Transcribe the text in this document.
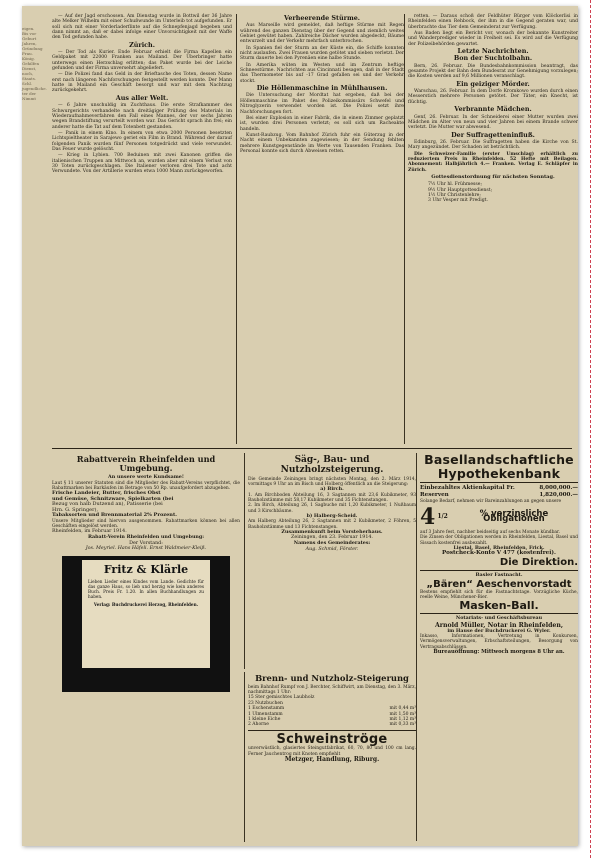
eigen. Bis vor Geburt Jahren, Gründung Frau. König. Gehilfen Dienst, noch, Staats. Schl. jugendliche. ter der Nimmt

— Auf der Jagd erschossen. Am Dienstag wurde in Bottwil der 36 Jahre alte Melker Wilhelm mit einer Schußwunde im Unterleib tot aufgefunden. Er soll sich mit einer Vorderladerflinte auf die Schnepfenjagd begeben und dann nimmt an, daß er dabei infolge einer Unvorsichtigkeit mit der Waffe den Tod gefunden habe.

Zürich.

— Der Tod als Kurier. Ende Februar erhielt die Firma Kapellen ein Geldpaket mit 22000 Franken aus Mailand. Der Überbringer hatte unterwegs einen Herzschlag erlitten; das Paket wurde bei der Leiche gefunden und der Firma unversehrt abgeliefert.

— Die Polizei fand das Geld in der Brieftasche des Toten, dessen Name erst nach längeren Nachforschungen festgestellt werden konnte. Der Mann hatte in Mailand ein Geschäft besorgt und war mit dem Nachtzug zurückgekehrt.

Aus aller Welt.

— 6 Jahre unschuldig im Zuchthaus. Die erste Strafkammer des Schwurgerichts verhandelte nach dreitägiger Prüfung des Materials im Wiederaufnahmeverfahren den Fall eines Mannes, der vor sechs Jahren wegen Brandstiftung verurteilt worden war. Das Gericht sprach ihn frei; ein anderer hatte die Tat auf dem Totenbett gestanden.

— Panik in einem Kino. In einem von etwa 2000 Personen besetzten Lichtspieltheater in Sarajewo geriet ein Film in Brand. Während der darauf folgenden Panik wurden fünf Personen totgedrückt und viele verwundet. Das Feuer wurde gelöscht.

— Krieg in Lybien. 700 Beduinen mit zwei Kanonen griffen die italienischen Truppen am Mittwoch an, wurden aber mit einem Verlust von 30 Toten zurückgeschlagen. Die Italiener verloren drei Tote und acht Verwundete. Von der Artillerie wurden etwa 1000 Mann zurückgeworfen.

Verheerende Stürme.

Aus Marseille wird gemeldet, daß heftige Stürme mit Regen während des ganzen Dienstag über der Gegend und ziemlich weites Gebiet gewütet haben. Zahlreiche Dächer wurden abgedeckt, Bäume entwurzelt und der Verkehr mehrfach unterbrochen.

In Spanien fiel der Sturm an der Küste ein, die Schiffe konnten nicht auslaufen. Zwei Frauen wurden getötet und sieben verletzt. Der Sturm dauerte bei den Pyrenäen eine halbe Stunde.

In Amerika wüten im Westen und im Zentrum heftige Schneestürme. Nachrichten aus Cincinnati besagen, daß in der Stadt das Thermometer bis auf -17 Grad gefallen sei und der Verkehr stockt.

Die Höllenmaschine in Mühlhausen.

Die Untersuchung der Mordtat hat ergeben, daß bei der Höllenmaschine im Paket des Polizeikommissärs Schwefel und Nitroglyzerin verwendet worden ist. Die Polizei setzt ihre Nachforschungen fort.

Bei einer Explosion in einer Fabrik, die in einem Zimmer geplatzt ist, wurden drei Personen verletzt; es soll sich um Racheakte handeln.

Kunst-Raubzug. Vom Bahnhof Zürich fuhr ein Güterzug in der Nacht einem Unbekannten zugewiesen; in der Sendung fehlten mehrere Kunstgegenstände im Werte von Tausenden Franken. Das Personal konnte sich durch Abweisen retten.

retten. — Daraus schoß der Feldhüter Bürger vom Klöckerlisi in Rheinfelden einen Rehbock, der ihm in die Gegend geraten war, und überbrachte das Tier dem Gemeinderat zur Verfügung.

Aus Baden liegt ein Bericht vor, wonach der bekannte Kunstreiter und Wanderprediger wieder in Freiheit sei. Es wird auf die Verfügung der Polizeibehörden gewartet.

Letzte Nachrichten.
Bon der Suchtolbahn.

Bern, 26. Februar. Die Bundesbahnkommission beantragt, das gesamte Projekt der Bahn dem Bundesrat zur Genehmigung vorzulegen; die Kosten werden auf 9,6 Millionen veranschlagt.

Ein geiziger Mörder.

Warschau, 26. Februar. In dem Dorfe Kromkowo wurden durch einen Messerstich mehrere Personen getötet. Der Täter, ein Knecht, ist flüchtig.

Verbrannte Mädchen.

Genf, 26. Februar. In der Schneiderei einer Mutter wurden zwei Mädchen im Alter von neun und vier Jahren bei einem Brande schwer verletzt. Die Mutter war abwesend.

Der Suffragetteninfluß.

Edinburg, 26. Februar. Die Suffragetten haben die Kirche von St. Mary angezündet. Der Schaden ist beträchtlich.

Die Schweizer-Familie (erster Umschlag) erhältlich zu reduziertem Preis in Rheinfelden. 52 Hefte mit Beilagen. Abonnement: Halbjährlich 4.— Franken. Verlag E. Schläpfer in Zürich.

Gottesdienstordnung für nächsten Sonntag.
7½ Uhr hl. Frühmesse;
9½ Uhr Hauptgottesdienst;
1½ Uhr Christenlehre;
3 Uhr Vesper mit Predigt.
Rabattverein Rheinfelden und Umgebung.
An unsere werte Kundsame!
Laut § 11 unserer Statuten sind die Mitglieder des Rabatt-Vereins verpflichtet, die Rabattmarken bei Barkäufen im Betrage von 50 Rp. unaufgefordert abzugeben.
Frische Landeier, Butter, frisches Obst
und Gemüse, Schnitzware, Spielkarten (bei
Bezug von halb Dutzend an), Patisserie (bei
Hrn. G. Springer),
Tabaksorten und Brennmaterial 2% Prozent.
Unsere Mitglieder sind hiervon ausgenommen. Rabattmarken können bei allen Geschäften eingelöst werden.
Rheinfelden, im Februar 1914.
Rabatt-Verein Rheinfelden und Umgebung:
Der Vorstand:
Jos. Meyriel. Hans Häfeli. Ernst Waldmeier-Kleiß.
Fritz & Klärle
Lieben Lieder eines Kindes vom Lande. Gedichte für das ganze Haus, so lieb und herzig wie kein anderes Buch. Preis Fr. 1.20. In allen Buchhandlungen zu haben.
Verlag: Buchdruckerei Herzog, Rheinfelden.
Säg-, Bau- und Nutzholzsteigerung.
Die Gemeinde Zeiningen bringt nächsten Montag, den 2. März 1914, vormittags 9 Uhr an im Bisch und Holberg öffentlich an die Steigerung:
a) Birch.
1. Am Birchboden Abteilung 16, 3 Sagtannen mit 23,6 Kubikmeter, 93 Bauholzstämme mit 58,17 Kubikmeter und 35 Fichtenstangen.
2. Im Birch, Abteilung 26, 1 Sagbuche mit 1,20 Kubikmeter, 1 Nußbaum und 3 Kirschbäume.
b) Halberg-Scheid.
Am Halberg Abteilung 26, 2 Sagtannen mit 2 Kubikmeter, 2 Föhren, 5 Bauholzstämme und 13 Fichtenstangen.
Zusammenkunft beim Vorsteherhaus.
Zeiningen, den 23. Februar 1914.
Namens des Gemeinderates:
Aug. Schmid, Förster.
Brenn- und Nutzholz-Steigerung
beim Bahnhof Rumpf von J. Berchter, Schiffwirt, am Dienstag, den 3. März, nachmittags 1 Uhr:
15 Ster gemischtes Laubholz
23 Nutzbuchen
1 Eschenstamm	mit 0,44 m³
1 Ulmenstamm	mit 1,50 m³
1 kleine Eiche	mit 1,12 m³
2 Ahorne	mit 0,33 m³
Schweinströge
unverwüstlich, glasiertes Steingutfabrikat, 60, 70, 80 und 100 cm lang. Ferner Jauchentrog mit Knoten empfiehlt
Metzger, Handlung, Riburg.
Basellandschaftliche Hypothekenbank
Einbezahltes Aktienkapital Fr.	8,000,000.—
Reserven	1,820,000.—
Solange Bedarf, nehmen wir Bareinzahlungen an gegen unsere
4 1/2	% verzinsliche Obligationen
auf 3 Jahre fest, nachher beidseitig auf sechs Monate kündbar.
Die Zinsen der Obligationen werden in Rheinfelden, Liestal, Basel und Sissach kostenfrei ausbezahlt.
Liestal, Basel, Rheinfelden, Frick.
Postcheck-Konto V 477 (kostenfrei).
Die Direktion.
Basler Fastnacht.
„Bären“ Aeschenvorstadt
Bestens empfiehlt sich für die Fastnachtstage. Vorzügliche Küche, reelle Weine, Münchener-Bier.
Masken-Ball.
Notariats- und Geschäftsbureau
Arnold Müller, Notar in Rheinfelden,
im Hause der Buchdruckerei G. Wyler.
Inkasso, Informationen, Vertretung in Konkursen, Vermögensverwaltungen, Erbschaftsteilungen, Besorgung von Vertragsabschlüssen.
Bureauöffnung: Mittwoch morgens 8 Uhr an.
